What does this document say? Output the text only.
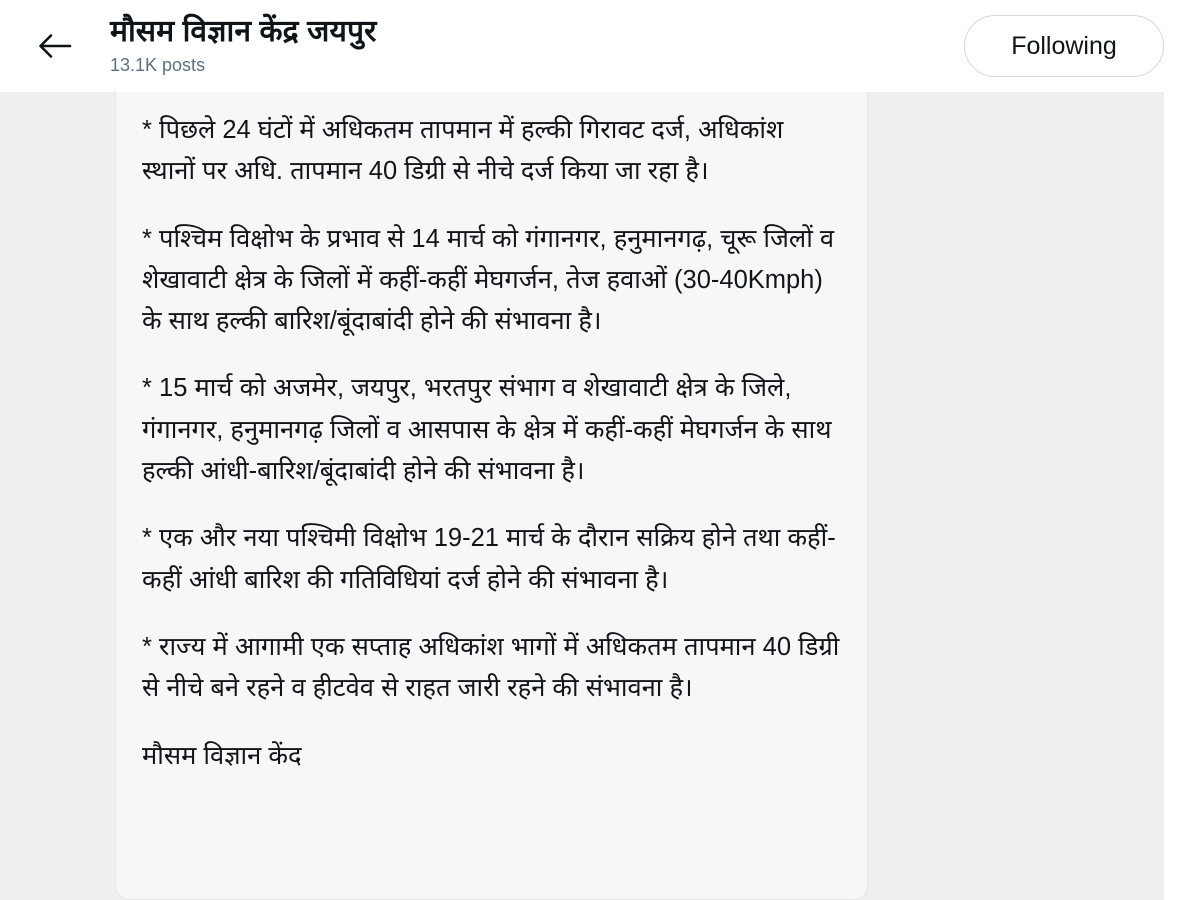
* पिछले 24 घंटों में अधिकतम तापमान में हल्की गिरावट दर्ज, अधिकांश स्थानों पर अधि. तापमान 40 डिग्री से नीचे दर्ज किया जा रहा है।

* पश्चिम विक्षोभ के प्रभाव से 14 मार्च को गंगानगर, हनुमानगढ़, चूरू जिलों व शेखावाटी क्षेत्र के जिलों में कहीं-कहीं मेघगर्जन, तेज हवाओं (30-40Kmph) के साथ हल्की बारिश/बूंदाबांदी होने की संभावना है।

* 15 मार्च को अजमेर, जयपुर, भरतपुर संभाग व शेखावाटी क्षेत्र के जिले, गंगानगर, हनुमानगढ़ जिलों व आसपास के क्षेत्र में कहीं-कहीं मेघगर्जन के साथ हल्की आंधी-बारिश/बूंदाबांदी होने की संभावना है।

* एक और नया पश्चिमी विक्षोभ 19-21 मार्च के दौरान सक्रिय होने तथा कहीं-कहीं आंधी बारिश की गतिविधियां दर्ज होने की संभावना है।

* राज्य में आगामी एक सप्ताह अधिकांश भागों में अधिकतम तापमान 40 डिग्री से नीचे बने रहने व हीटवेव से राहत जारी रहने की संभावना है।

मौसम विज्ञान केंद

मौसम विज्ञान केंद्र जयपुर
13.1K posts
Following
